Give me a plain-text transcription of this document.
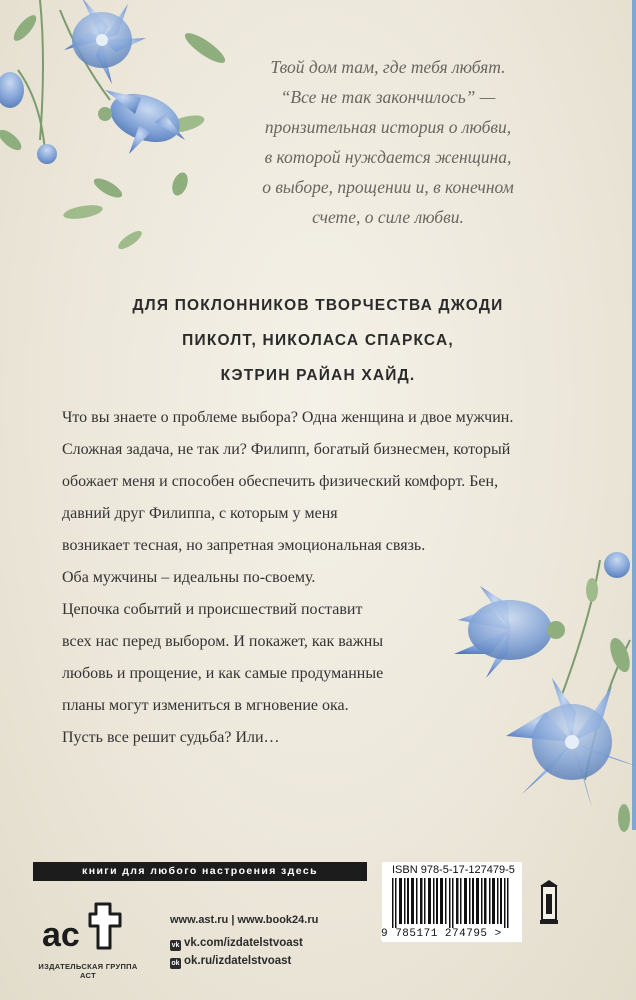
Твой дом там, где тебя любят.
“Все не так закончилось” —
пронзительная история о любви,
в которой нуждается женщина,
о выборе, прощении и, в конечном
счете, о силе любви.
ДЛЯ ПОКЛОННИКОВ ТВОРЧЕСТВА ДЖОДИ
ПИКОЛТ, НИКОЛАСА СПАРКСА,
КЭТРИН РАЙАН ХАЙД.
Что вы знаете о проблеме выбора? Одна женщина и двое мужчин.
Сложная задача, не так ли? Филипп, богатый бизнесмен, который
обожает меня и способен обеспечить физический комфорт. Бен,
давний друг Филиппа, с которым у меня
возникает тесная, но запретная эмоциональная связь.
Оба мужчины – идеальны по-своему.
Цепочка событий и происшествий поставит
всех нас перед выбором. И покажет, как важны
любовь и прощение, и как самые продуманные
планы могут измениться в мгновение ока.
Пусть все решит судьба? Или…
книги для любого настроения здесь
ac
ИЗДАТЕЛЬСКАЯ ГРУППА АСТ
www.ast.ru | www.book24.ru
vk vk.com/izdatelstvoast
ok ok.ru/izdatelstvoast
ISBN 978-5-17-127479-5
9 785171 274795 >
